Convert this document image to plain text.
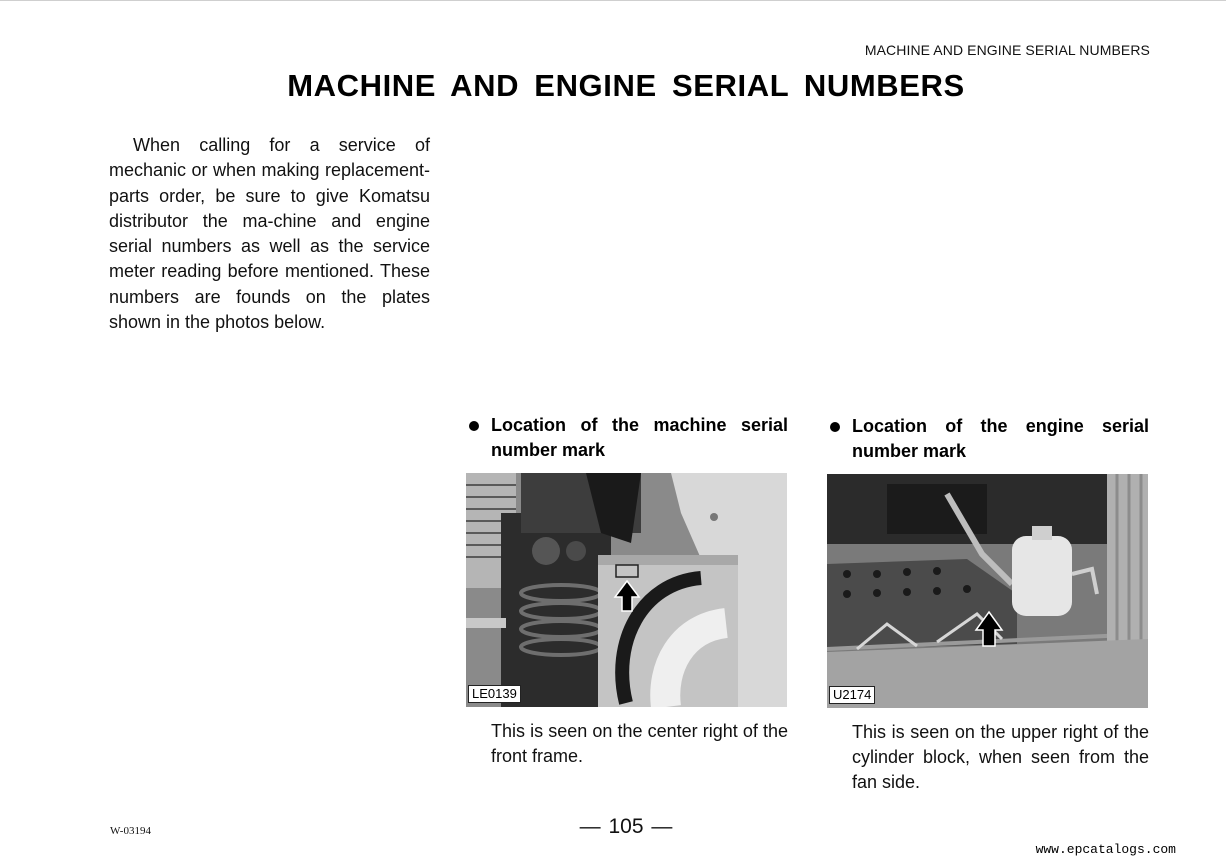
MACHINE AND ENGINE SERIAL NUMBERS
MACHINE AND ENGINE SERIAL NUMBERS

When calling for a service of mechanic or when making replacement-parts order, be sure to give Komatsu distributor the ma-chine and engine serial numbers as well as the service meter reading before mentioned. These numbers are founds on the plates shown in the photos below.

Location of the machine serial number mark
LE0139
This is seen on the center right of the front frame.
Location of the engine serial number mark
U2174
This is seen on the upper right of the cylinder block, when seen from the fan side.
W-03194	— 105 —
www.epcatalogs.com
